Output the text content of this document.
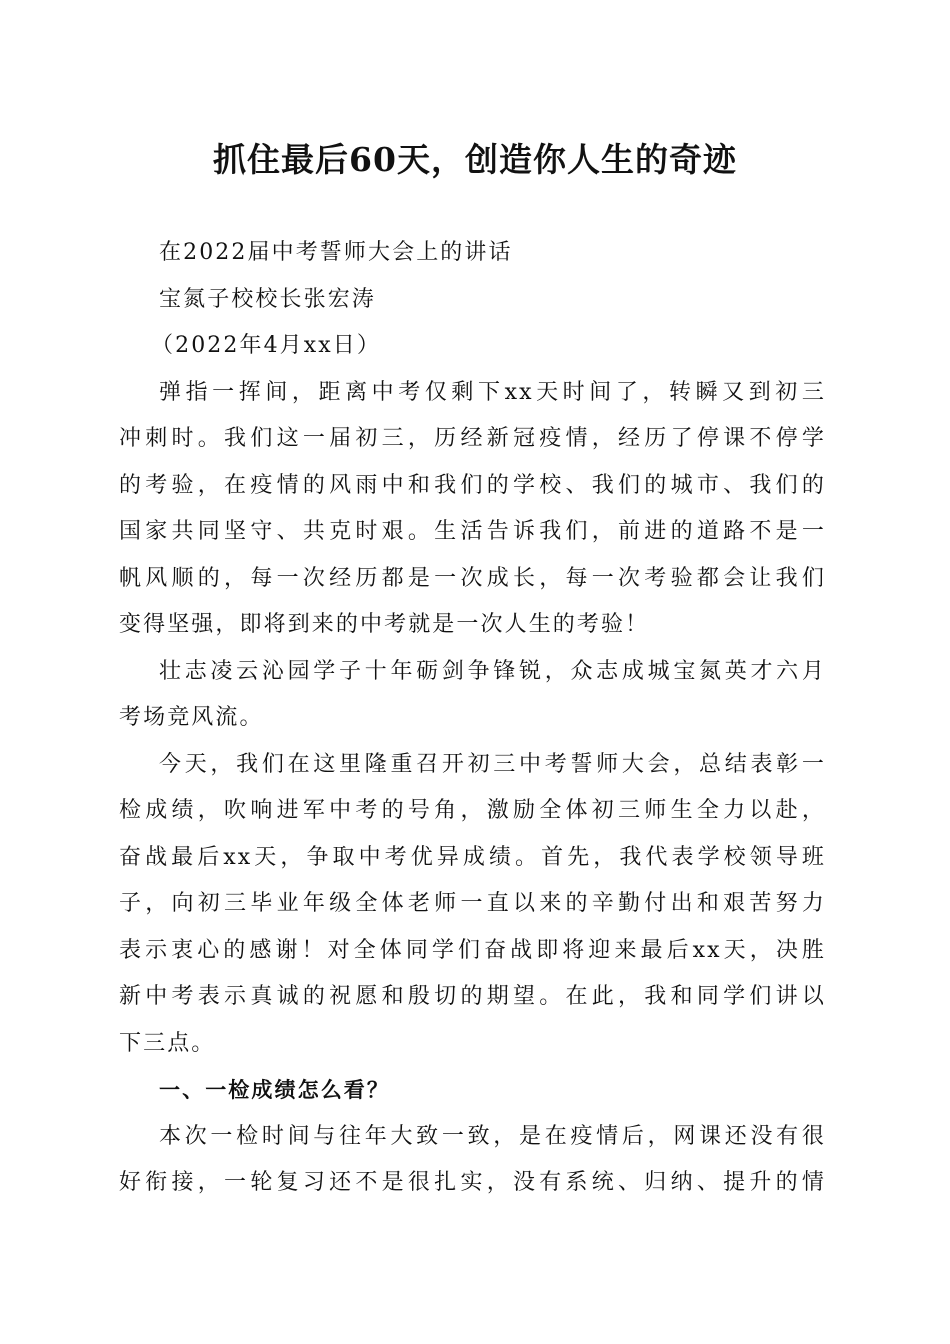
抓住最后60天，创造你人生的奇迹

在2022届中考誓师大会上的讲话

宝氮子校校长张宏涛

（2022年4月xx日）

弹指一挥间，距离中考仅剩下xx天时间了，转瞬又到初三

冲刺时。我们这一届初三，历经新冠疫情，经历了停课不停学

的考验，在疫情的风雨中和我们的学校、我们的城市、我们的

国家共同坚守、共克时艰。生活告诉我们，前进的道路不是一

帆风顺的，每一次经历都是一次成长，每一次考验都会让我们

变得坚强，即将到来的中考就是一次人生的考验！

壮志凌云沁园学子十年砺剑争锋锐，众志成城宝氮英才六月

考场竞风流。

今天，我们在这里隆重召开初三中考誓师大会，总结表彰一

检成绩，吹响进军中考的号角，激励全体初三师生全力以赴，

奋战最后xx天，争取中考优异成绩。首先，我代表学校领导班

子，向初三毕业年级全体老师一直以来的辛勤付出和艰苦努力

表示衷心的感谢！对全体同学们奋战即将迎来最后xx天，决胜

新中考表示真诚的祝愿和殷切的期望。在此，我和同学们讲以

下三点。

一、一检成绩怎么看？

本次一检时间与往年大致一致，是在疫情后，网课还没有很

好衔接，一轮复习还不是很扎实，没有系统、归纳、提升的情
